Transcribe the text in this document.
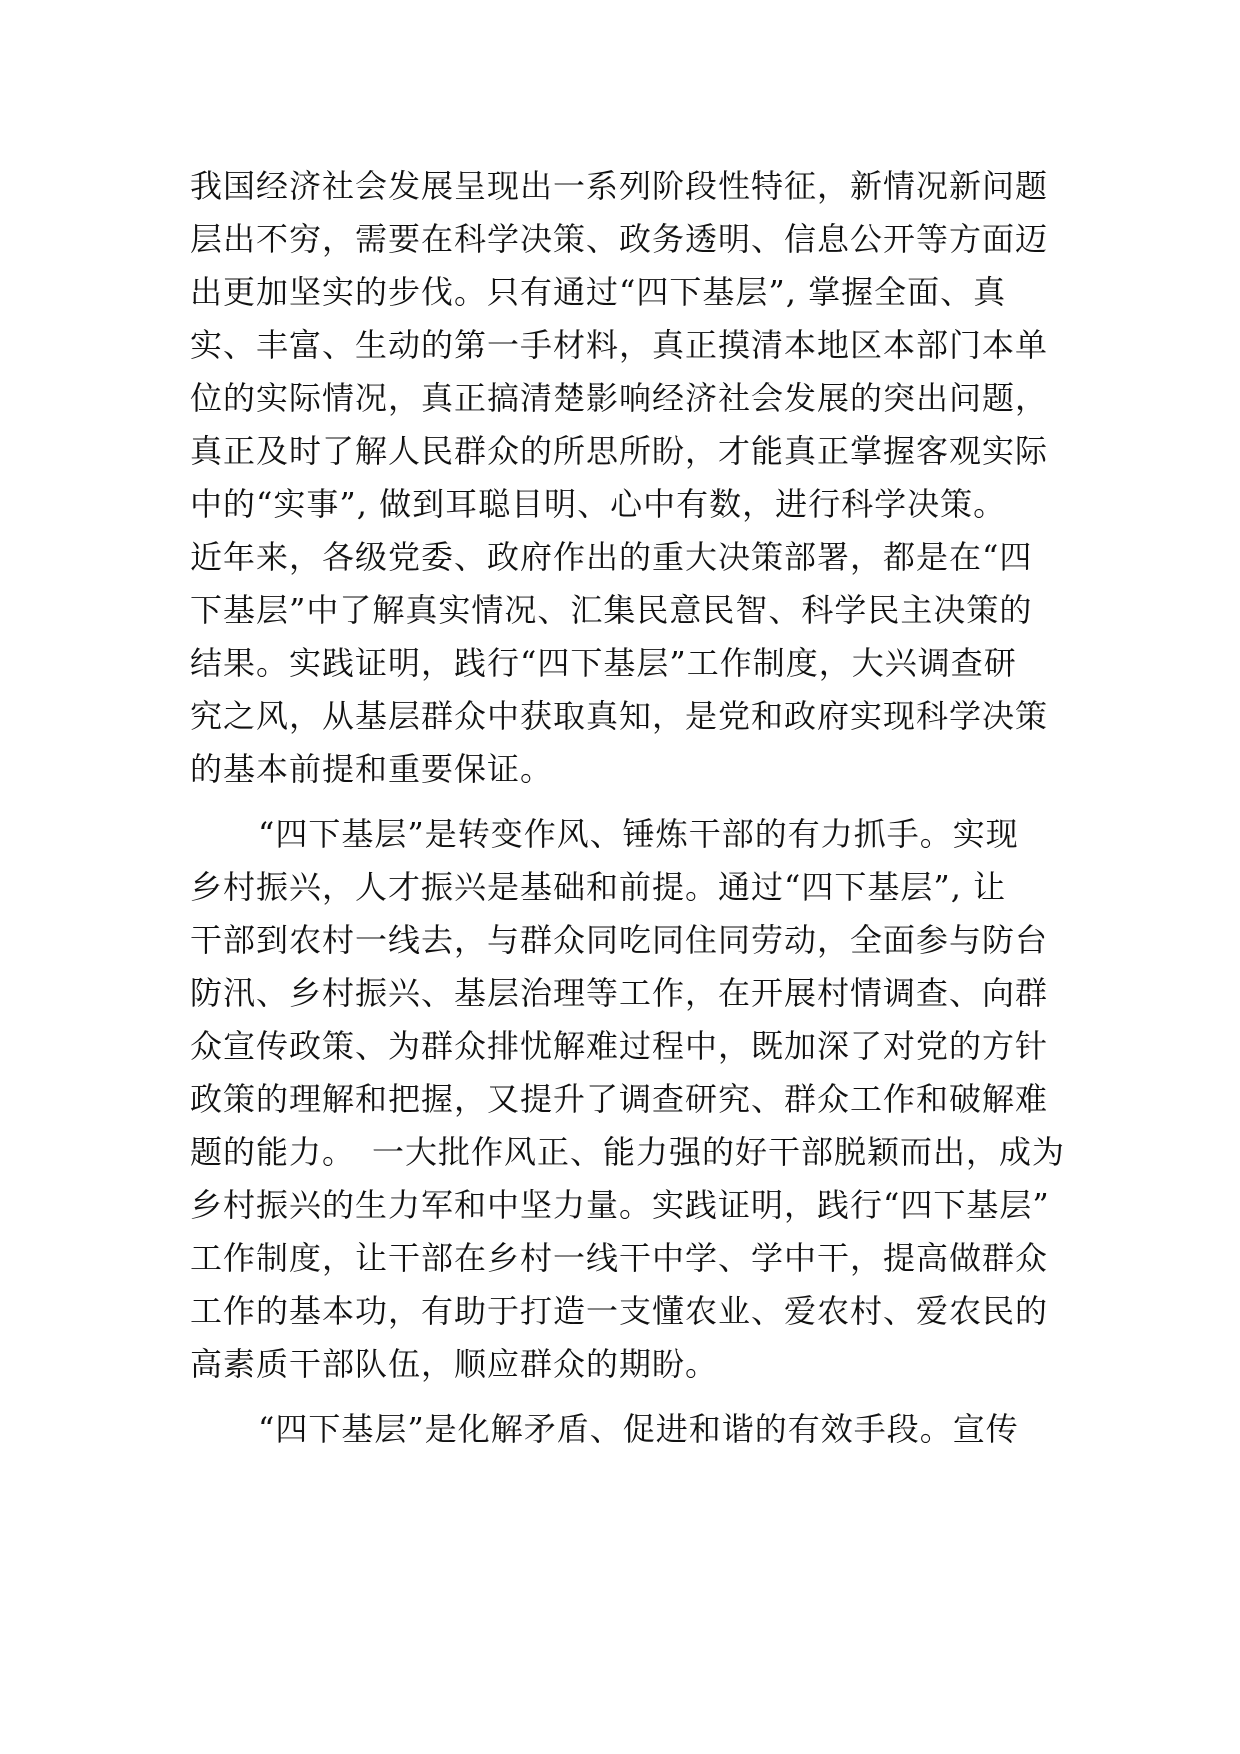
我国经济社会发展呈现出一系列阶段性特征，新情况新问题

层出不穷，需要在科学决策、政务透明、信息公开等方面迈

出更加坚实的步伐。只有通过“四下基层”, 掌握全面、真

实、丰富、生动的第一手材料，真正摸清本地区本部门本单

位的实际情况，真正搞清楚影响经济社会发展的突出问题，

真正及时了解人民群众的所思所盼，才能真正掌握客观实际

中的“实事”, 做到耳聪目明、心中有数，进行科学决策。

近年来，各级党委、政府作出的重大决策部署，都是在“四

下基层”中了解真实情况、汇集民意民智、科学民主决策的

结果。实践证明，践行“四下基层”工作制度，大兴调查研

究之风，从基层群众中获取真知，是党和政府实现科学决策

的基本前提和重要保证。

“四下基层”是转变作风、锤炼干部的有力抓手。实现

乡村振兴，人才振兴是基础和前提。通过“四下基层”, 让

干部到农村一线去，与群众同吃同住同劳动，全面参与防台

防汛、乡村振兴、基层治理等工作，在开展村情调查、向群

众宣传政策、为群众排忧解难过程中，既加深了对党的方针

政策的理解和把握，又提升了调查研究、群众工作和破解难

题的能力。　一大批作风正、能力强的好干部脱颖而出，成为

乡村振兴的生力军和中坚力量。实践证明，践行“四下基层”

工作制度，让干部在乡村一线干中学、学中干，提高做群众

工作的基本功，有助于打造一支懂农业、爱农村、爱农民的

高素质干部队伍，顺应群众的期盼。

“四下基层”是化解矛盾、促进和谐的有效手段。宣传
